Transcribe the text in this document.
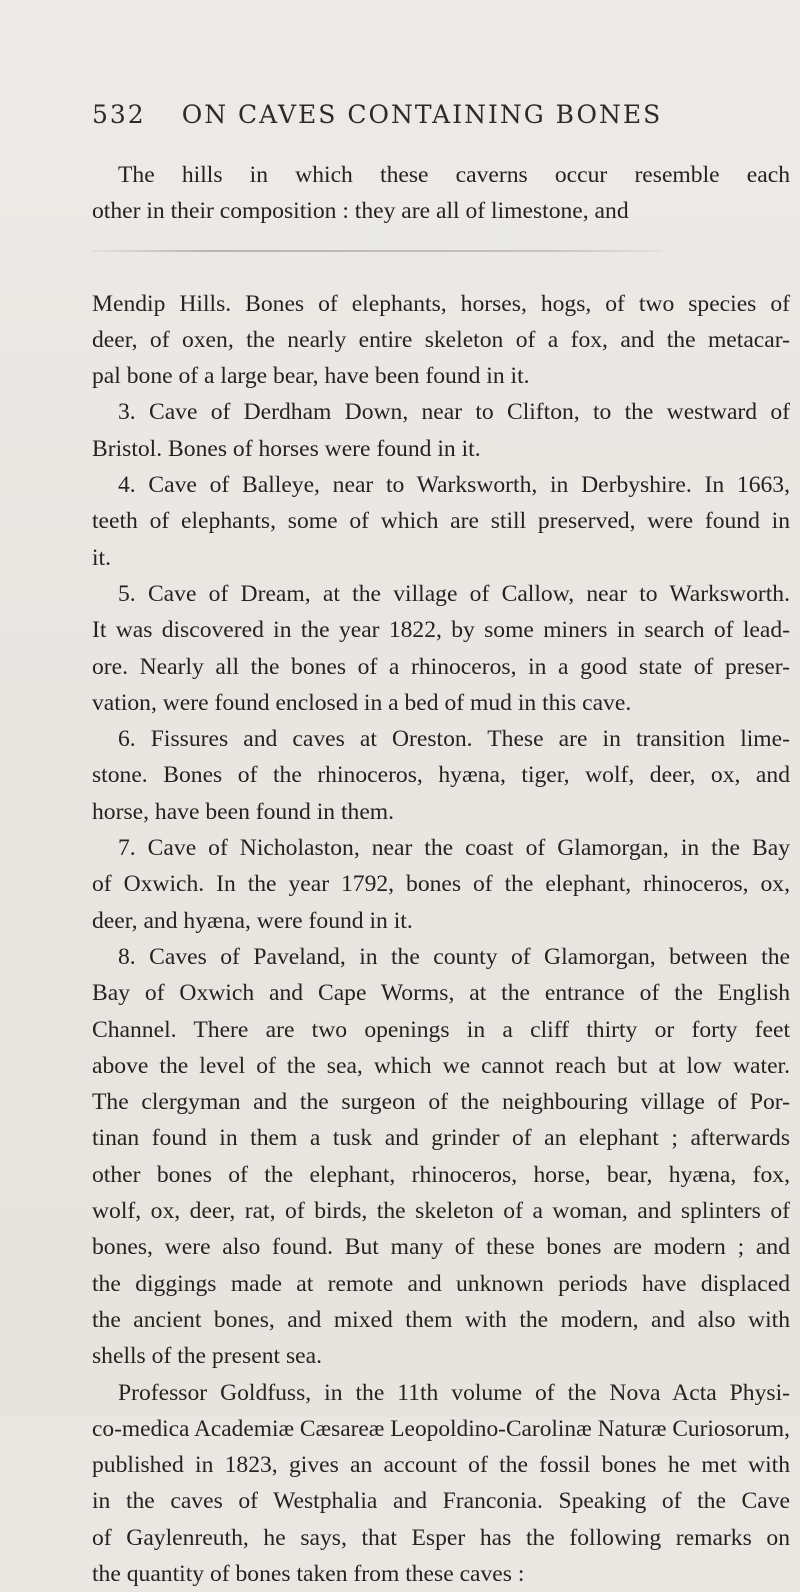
532 ON CAVES CONTAINING BONES
The hills in which these caverns occur resemble each
other in their composition : they are all of limestone, and
Mendip Hills. Bones of elephants, horses, hogs, of two species of
deer, of oxen, the nearly entire skeleton of a fox, and the metacar-
pal bone of a large bear, have been found in it.
3. Cave of Derdham Down, near to Clifton, to the westward of
Bristol. Bones of horses were found in it.
4. Cave of Balleye, near to Warksworth, in Derbyshire. In 1663,
teeth of elephants, some of which are still preserved, were found in
it.
5. Cave of Dream, at the village of Callow, near to Warksworth.
It was discovered in the year 1822, by some miners in search of lead-
ore. Nearly all the bones of a rhinoceros, in a good state of preser-
vation, were found enclosed in a bed of mud in this cave.
6. Fissures and caves at Oreston. These are in transition lime-
stone. Bones of the rhinoceros, hyæna, tiger, wolf, deer, ox, and
horse, have been found in them.
7. Cave of Nicholaston, near the coast of Glamorgan, in the Bay
of Oxwich. In the year 1792, bones of the elephant, rhinoceros, ox,
deer, and hyæna, were found in it.
8. Caves of Paveland, in the county of Glamorgan, between the
Bay of Oxwich and Cape Worms, at the entrance of the English
Channel. There are two openings in a cliff thirty or forty feet
above the level of the sea, which we cannot reach but at low water.
The clergyman and the surgeon of the neighbouring village of Por-
tinan found in them a tusk and grinder of an elephant ; afterwards
other bones of the elephant, rhinoceros, horse, bear, hyæna, fox,
wolf, ox, deer, rat, of birds, the skeleton of a woman, and splinters of
bones, were also found. But many of these bones are modern ; and
the diggings made at remote and unknown periods have displaced
the ancient bones, and mixed them with the modern, and also with
shells of the present sea.
Professor Goldfuss, in the 11th volume of the Nova Acta Physi-
co-medica Academiæ Cæsareæ Leopoldino-Carolinæ Naturæ Curiosorum,
published in 1823, gives an account of the fossil bones he met with
in the caves of Westphalia and Franconia. Speaking of the Cave
of Gaylenreuth, he says, that Esper has the following remarks on
the quantity of bones taken from these caves :
